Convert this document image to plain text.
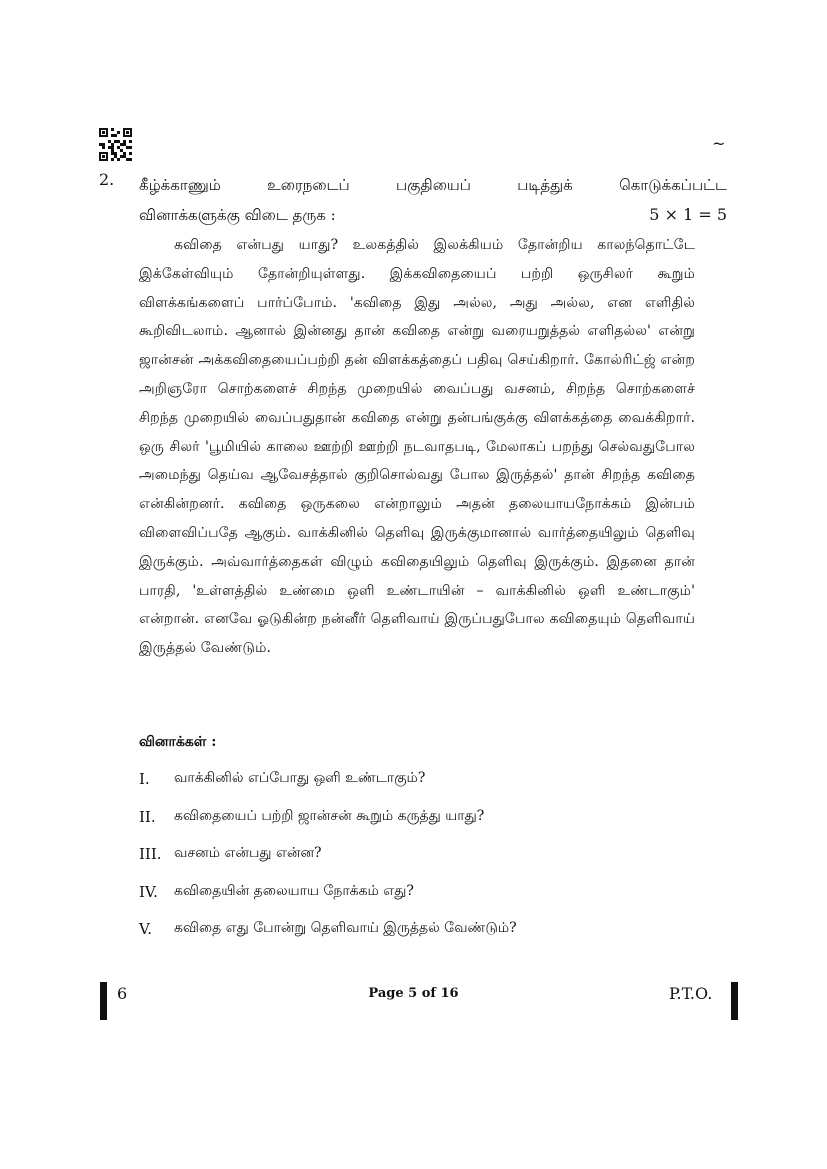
~
2. கீழ்க்காணும் உரைநடைப் பகுதியைப் படித்துக் கொடுக்கப்பட்ட
வினாக்களுக்கு விடை தருக :	5 × 1 = 5

கவிதை என்பது யாது? உலகத்தில் இலக்கியம் தோன்றிய காலந்தொட்டே இக்கேள்வியும் தோன்றியுள்ளது. இக்கவிதையைப் பற்றி ஒருசிலர் கூறும் விளக்கங்களைப் பார்ப்போம். 'கவிதை இது அல்ல, அது அல்ல, என எளிதில் கூறிவிடலாம். ஆனால் இன்னது தான் கவிதை என்று வரையறுத்தல் எளிதல்ல' என்று ஜான்சன் அக்கவிதையைப்பற்றி தன் விளக்கத்தைப் பதிவு செய்கிறார். கோல்ரிட்ஜ் என்ற அறிஞரோ சொற்களைச் சிறந்த முறையில் வைப்பது வசனம், சிறந்த சொற்களைச் சிறந்த முறையில் வைப்பதுதான் கவிதை என்று தன்பங்குக்கு விளக்கத்தை வைக்கிறார். ஒரு சிலர் 'பூமியில் காலை ஊற்றி ஊற்றி நடவாதபடி, மேலாகப் பறந்து செல்வதுபோல அமைந்து தெய்வ ஆவேசத்தால் குறிசொல்வது போல இருத்தல்' தான் சிறந்த கவிதை என்கின்றனர். கவிதை ஒருகலை என்றாலும் அதன் தலையாயநோக்கம் இன்பம் விளைவிப்பதே ஆகும். வாக்கினில் தெளிவு இருக்குமானால் வார்த்தையிலும் தெளிவு இருக்கும். அவ்வார்த்தைகள் விழும் கவிதையிலும் தெளிவு இருக்கும். இதனை தான் பாரதி, 'உள்ளத்தில் உண்மை ஒளி உண்டாயின் – வாக்கினில் ஒளி உண்டாகும்' என்றான். எனவே ஓடுகின்ற நன்னீர் தெளிவாய் இருப்பதுபோல கவிதையும் தெளிவாய் இருத்தல் வேண்டும்.

வினாக்கள் :
I.	வாக்கினில் எப்போது ஒளி உண்டாகும்?
II.	கவிதையைப் பற்றி ஜான்சன் கூறும் கருத்து யாது?
III. வசனம் என்பது என்ன?
IV.	கவிதையின் தலையாய நோக்கம் எது?
V.	கவிதை எது போன்று தெளிவாய் இருத்தல் வேண்டும்?
6	Page 5 of 16	P.T.O.
